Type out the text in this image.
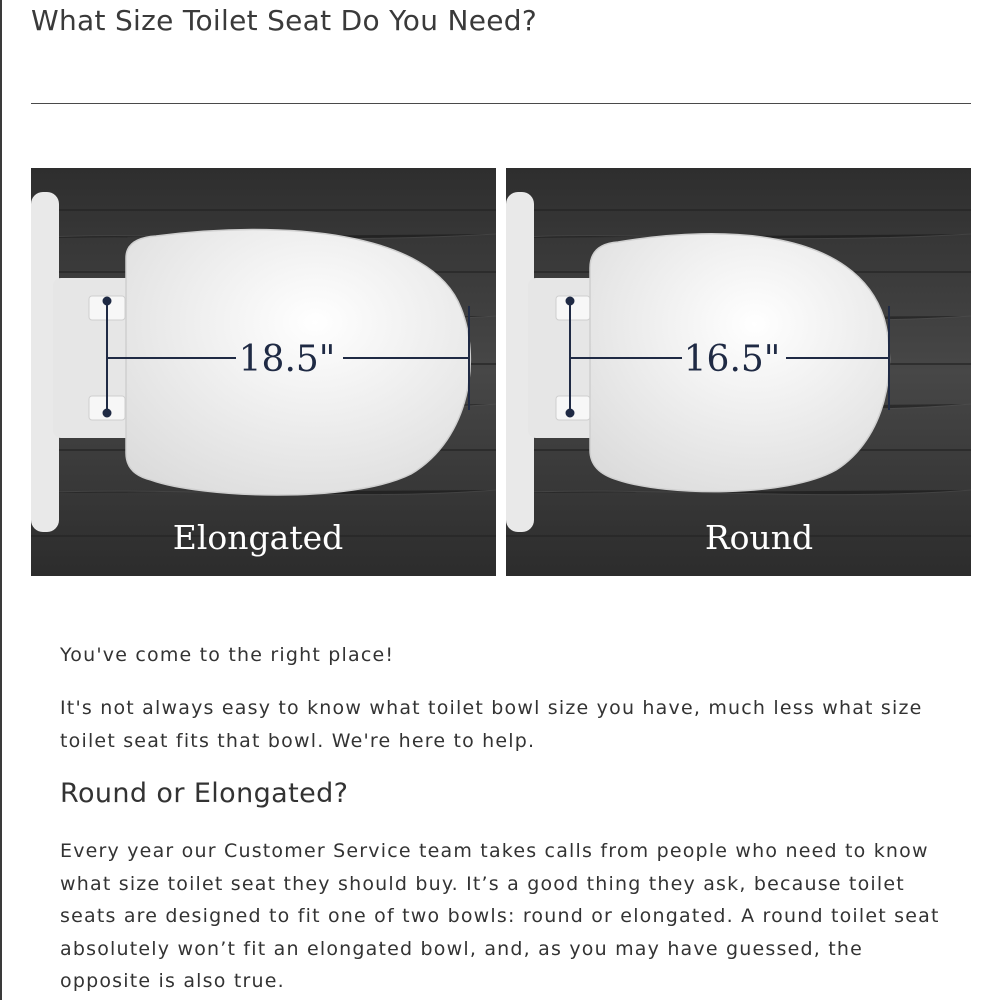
What Size Toilet Seat Do You Need?
18.5"
Elongated
16.5"
Round

You've come to the right place!

It's not always easy to know what toilet bowl size you have, much less what size toilet seat fits that bowl. We're here to help.

Round or Elongated?

Every year our Customer Service team takes calls from people who need to know what size toilet seat they should buy. It’s a good thing they ask, because toilet seats are designed to fit one of two bowls: round or elongated. A round toilet seat absolutely won’t fit an elongated bowl, and, as you may have guessed, the opposite is also true.
